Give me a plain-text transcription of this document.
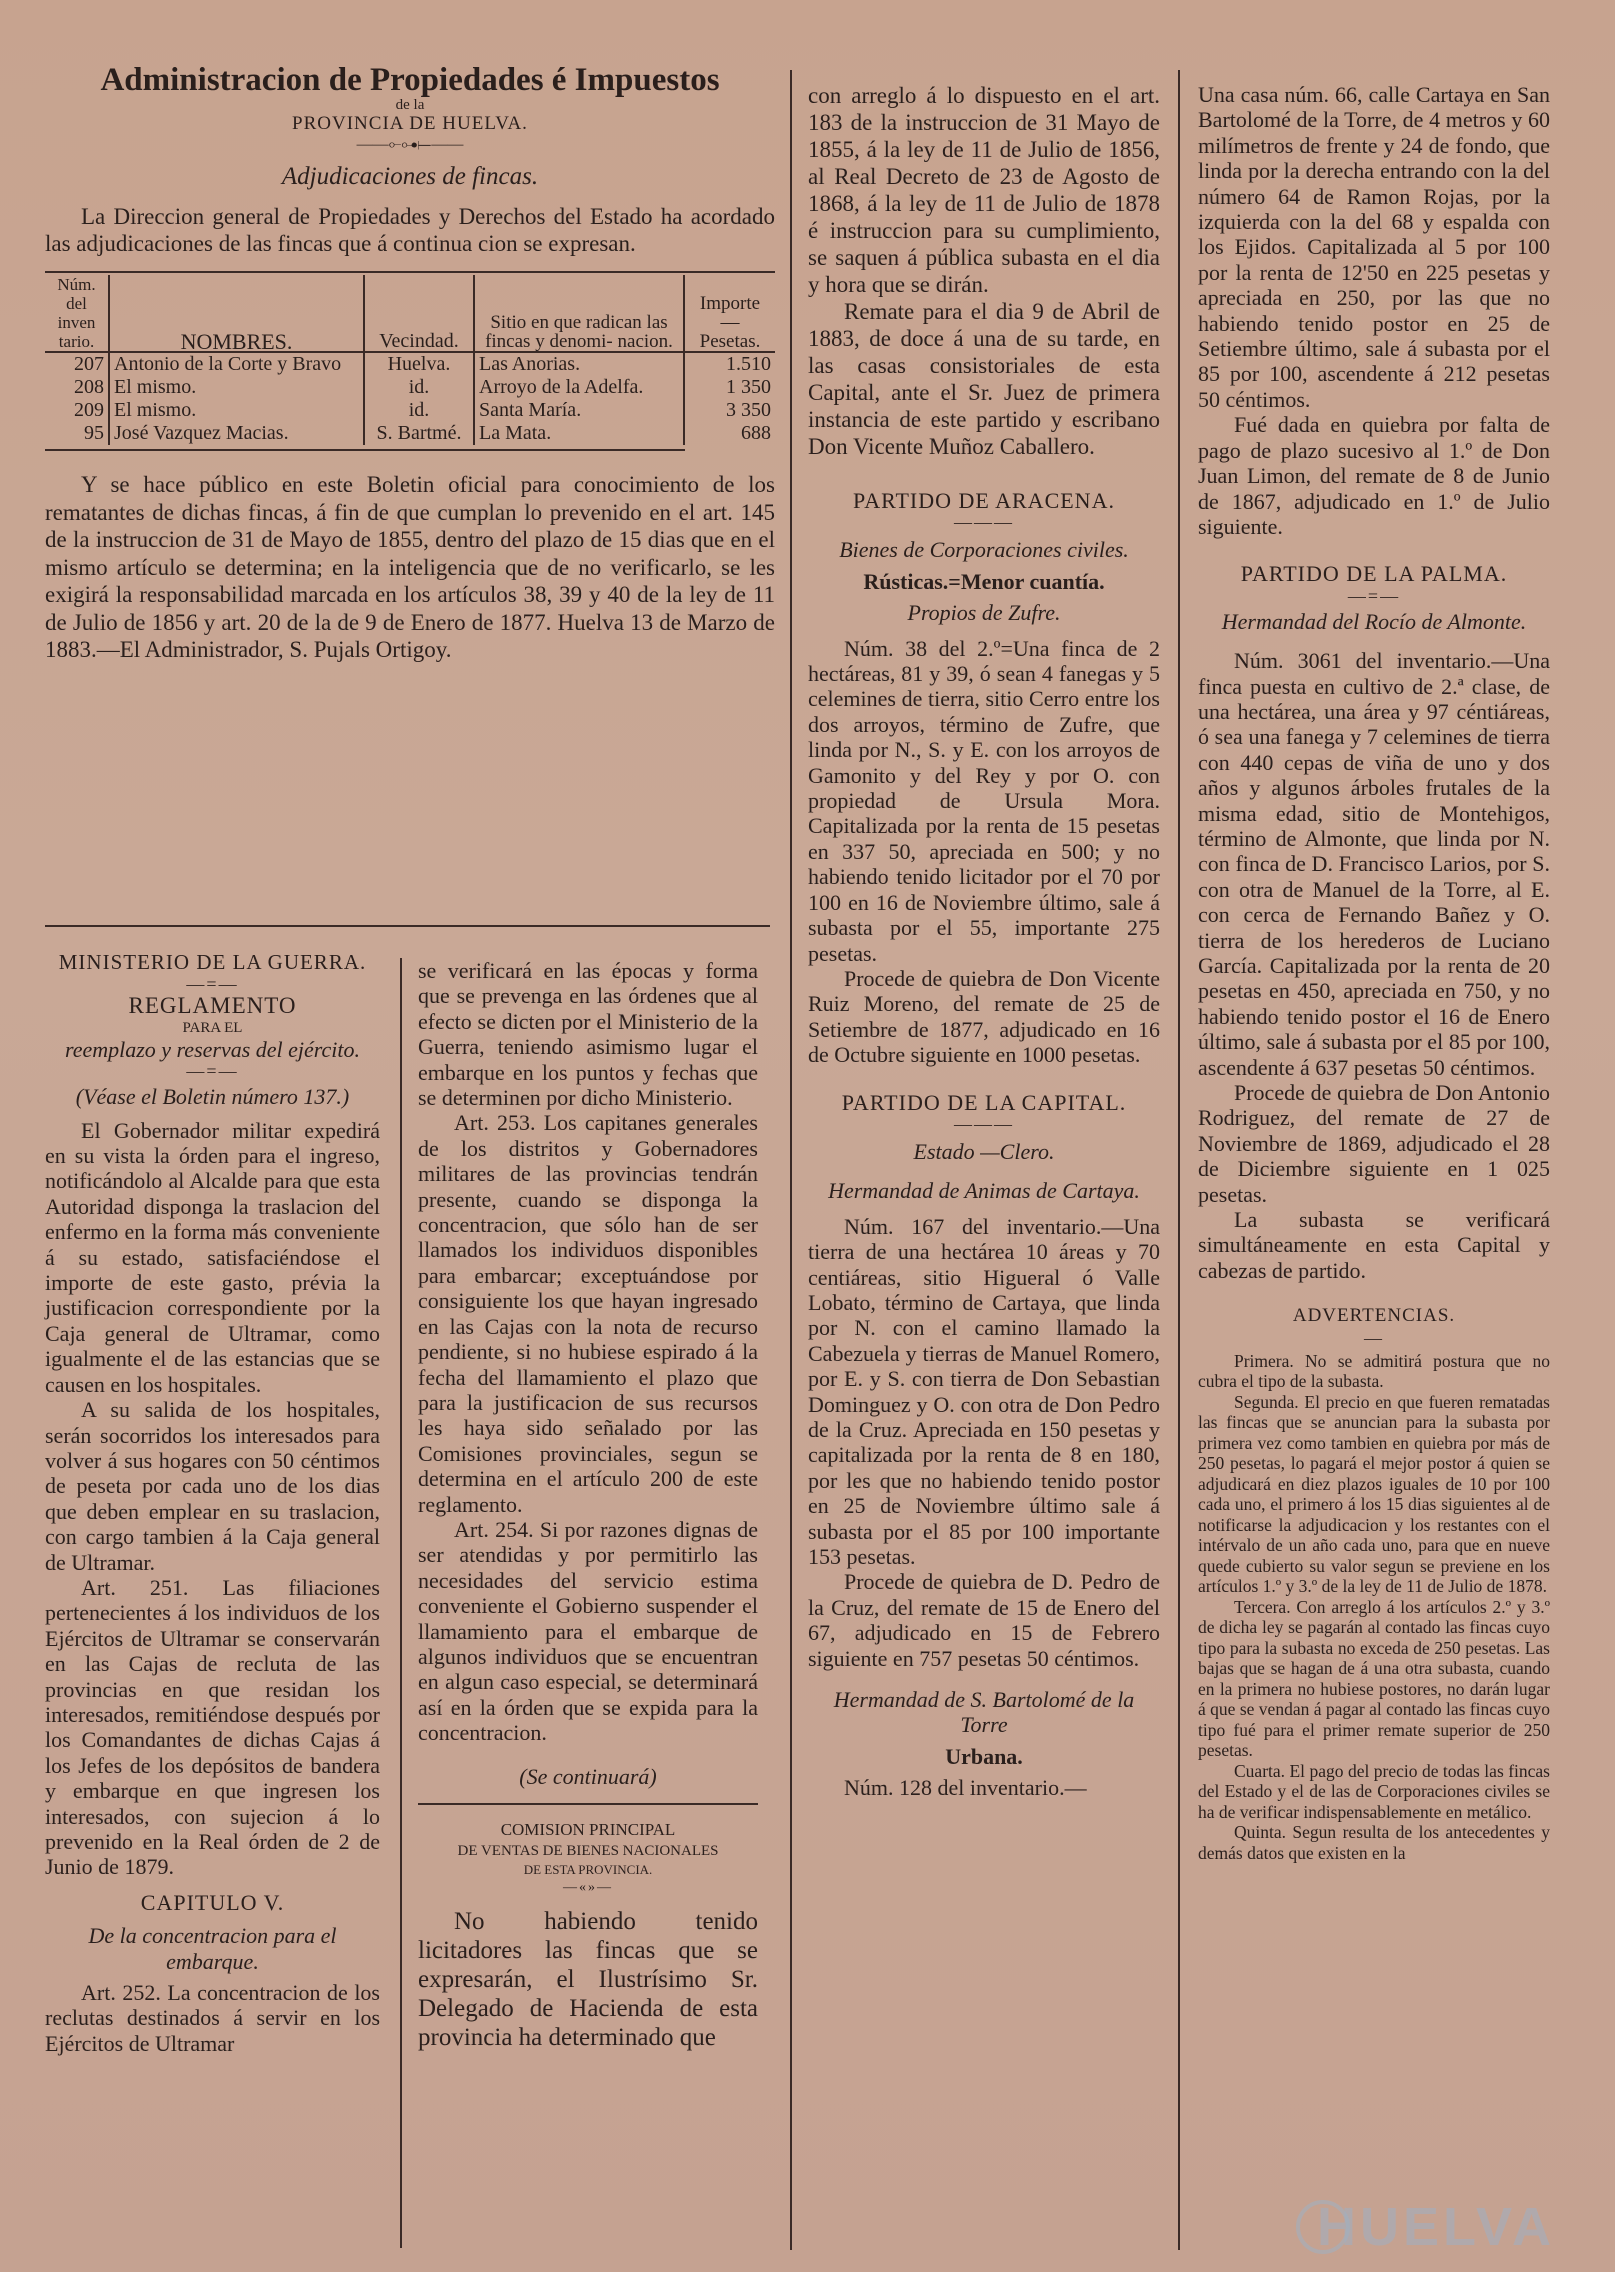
Administracion de Propiedades é Impuestos
de la
PROVINCIA DE HUELVA.
——⟜⊶⟝——
Adjudicaciones de fincas.

La Direccion general de Propiedades y Derechos del Estado ha acordado las adjudicaciones de las fincas que á continua cion se expresan.

Núm. del inven tario.	NOMBRES.	Vecindad.	Sitio en que radican las fincas y denomi- nacion.	Importe — Pesetas.
207	Antonio de la Corte y Bravo	Huelva.	Las Anorias.	1.510
208	El mismo.	id.	Arroyo de la Adelfa.	1 350
209	El mismo.	id.	Santa María.	3 350
95	José Vazquez Macias.	S. Bartmé.	La Mata.	688

Y se hace público en este Boletin oficial para conocimiento de los rematantes de dichas fincas, á fin de que cumplan lo prevenido en el art. 145 de la instruccion de 31 de Mayo de 1855, dentro del plazo de 15 dias que en el mismo artículo se determina; en la inteligencia que de no verificarlo, se les exigirá la responsabilidad marcada en los artículos 38, 39 y 40 de la ley de 11 de Julio de 1856 y art. 20 de la de 9 de Enero de 1877. Huelva 13 de Marzo de 1883.—El Administrador, S. Pujals Ortigoy.

MINISTERIO DE LA GUERRA.
—=—
REGLAMENTO
PARA EL
reemplazo y reservas del ejército.
—=—
(Véase el Boletin número 137.)

El Gobernador militar expedirá en su vista la órden para el ingreso, notificándolo al Alcalde para que esta Autoridad disponga la traslacion del enfermo en la forma más conveniente á su estado, satisfaciéndose el importe de este gasto, prévia la justificacion correspondiente por la Caja general de Ultramar, como igualmente el de las estancias que se causen en los hospitales.

A su salida de los hospitales, serán socorridos los interesados para volver á sus hogares con 50 céntimos de peseta por cada uno de los dias que deben emplear en su traslacion, con cargo tambien á la Caja general de Ultramar.

Art. 251. Las filiaciones pertenecientes á los individuos de los Ejércitos de Ultramar se conservarán en las Cajas de recluta de las provincias en que residan los interesados, remitiéndose después por los Comandantes de dichas Cajas á los Jefes de los depósitos de bandera y embarque en que ingresen los interesados, con sujecion á lo prevenido en la Real órden de 2 de Junio de 1879.

CAPITULO V.
De la concentracion para el embarque.

Art. 252. La concentracion de los reclutas destinados á servir en los Ejércitos de Ultramar

se verificará en las épocas y forma que se prevenga en las órdenes que al efecto se dicten por el Ministerio de la Guerra, teniendo asimismo lugar el embarque en los puntos y fechas que se determinen por dicho Ministerio.

Art. 253. Los capitanes generales de los distritos y Gobernadores militares de las provincias tendrán presente, cuando se disponga la concentracion, que sólo han de ser llamados los individuos disponibles para embarcar; exceptuándose por consiguiente los que hayan ingresado en las Cajas con la nota de recurso pendiente, si no hubiese espirado á la fecha del llamamiento el plazo que para la justificacion de sus recursos les haya sido señalado por las Comisiones provinciales, segun se determina en el artículo 200 de este reglamento.

Art. 254. Si por razones dignas de ser atendidas y por permitirlo las necesidades del servicio estima conveniente el Gobierno suspender el llamamiento para el embarque de algunos individuos que se encuentran en algun caso especial, se determinará así en la órden que se expida para la concentracion.

(Se continuará)
COMISION PRINCIPAL
DE VENTAS DE BIENES NACIONALES
DE ESTA PROVINCIA.
—«»—

No habiendo tenido licitadores las fincas que se expresarán, el Ilustrísimo Sr. Delegado de Hacienda de esta provincia ha determinado que

con arreglo á lo dispuesto en el art. 183 de la instruccion de 31 Mayo de 1855, á la ley de 11 de Julio de 1856, al Real Decreto de 23 de Agosto de 1868, á la ley de 11 de Julio de 1878 é instruccion para su cumplimiento, se saquen á pública subasta en el dia y hora que se dirán.

Remate para el dia 9 de Abril de 1883, de doce á una de su tarde, en las casas consistoriales de esta Capital, ante el Sr. Juez de primera instancia de este partido y escribano Don Vicente Muñoz Caballero.

PARTIDO DE ARACENA.
———
Bienes de Corporaciones civiles.
Rústicas.=Menor cuantía.
Propios de Zufre.

Núm. 38 del 2.º=Una finca de 2 hectáreas, 81 y 39, ó sean 4 fanegas y 5 celemines de tierra, sitio Cerro entre los dos arroyos, término de Zufre, que linda por N., S. y E. con los arroyos de Gamonito y del Rey y por O. con propiedad de Ursula Mora. Capitalizada por la renta de 15 pesetas en 337 50, apreciada en 500; y no habiendo tenido licitador por el 70 por 100 en 16 de Noviembre último, sale á subasta por el 55, importante 275 pesetas.

Procede de quiebra de Don Vicente Ruiz Moreno, del remate de 25 de Setiembre de 1877, adjudicado en 16 de Octubre siguiente en 1000 pesetas.

PARTIDO DE LA CAPITAL.
———
Estado —Clero.
Hermandad de Animas de Cartaya.

Núm. 167 del inventario.—Una tierra de una hectárea 10 áreas y 70 centiáreas, sitio Higueral ó Valle Lobato, término de Cartaya, que linda por N. con el camino llamado la Cabezuela y tierras de Manuel Romero, por E. y S. con tierra de Don Sebastian Dominguez y O. con otra de Don Pedro de la Cruz. Apreciada en 150 pesetas y capitalizada por la renta de 8 en 180, por les que no habiendo tenido postor en 25 de Noviembre último sale á subasta por el 85 por 100 importante 153 pesetas.

Procede de quiebra de D. Pedro de la Cruz, del remate de 15 de Enero del 67, adjudicado en 15 de Febrero siguiente en 757 pesetas 50 céntimos.

Hermandad de S. Bartolomé de la Torre
Urbana.

Núm. 128 del inventario.—

Una casa núm. 66, calle Cartaya en San Bartolomé de la Torre, de 4 metros y 60 milímetros de frente y 24 de fondo, que linda por la derecha entrando con la del número 64 de Ramon Rojas, por la izquierda con la del 68 y espalda con los Ejidos. Capitalizada al 5 por 100 por la renta de 12'50 en 225 pesetas y apreciada en 250, por las que no habiendo tenido postor en 25 de Setiembre último, sale á subasta por el 85 por 100, ascendente á 212 pesetas 50 céntimos.

Fué dada en quiebra por falta de pago de plazo sucesivo al 1.º de Don Juan Limon, del remate de 8 de Junio de 1867, adjudicado en 1.º de Julio siguiente.

PARTIDO DE LA PALMA.
—=—
Hermandad del Rocío de Almonte.

Núm. 3061 del inventario.—Una finca puesta en cultivo de 2.ª clase, de una hectárea, una área y 97 céntiáreas, ó sea una fanega y 7 celemines de tierra con 440 cepas de viña de uno y dos años y algunos árboles frutales de la misma edad, sitio de Montehigos, término de Almonte, que linda por N. con finca de D. Francisco Larios, por S. con otra de Manuel de la Torre, al E. con cerca de Fernando Bañez y O. tierra de los herederos de Luciano García. Capitalizada por la renta de 20 pesetas en 450, apreciada en 750, y no habiendo tenido postor el 16 de Enero último, sale á subasta por el 85 por 100, ascendente á 637 pesetas 50 céntimos.

Procede de quiebra de Don Antonio Rodriguez, del remate de 27 de Noviembre de 1869, adjudicado el 28 de Diciembre siguiente en 1 025 pesetas.

La subasta se verificará simultáneamente en esta Capital y cabezas de partido.

ADVERTENCIAS.
—

Primera. No se admitirá postura que no cubra el tipo de la subasta.

Segunda. El precio en que fueren rematadas las fincas que se anuncian para la subasta por primera vez como tambien en quiebra por más de 250 pesetas, lo pagará el mejor postor á quien se adjudicará en diez plazos iguales de 10 por 100 cada uno, el primero á los 15 dias siguientes al de notificarse la adjudicacion y los restantes con el intérvalo de un año cada uno, para que en nueve quede cubierto su valor segun se previene en los artículos 1.º y 3.º de la ley de 11 de Julio de 1878.

Tercera. Con arreglo á los artículos 2.º y 3.º de dicha ley se pagarán al contado las fincas cuyo tipo para la subasta no exceda de 250 pesetas. Las bajas que se hagan de á una otra subasta, cuando en la primera no hubiese postores, no darán lugar á que se vendan á pagar al contado las fincas cuyo tipo fué para el primer remate superior de 250 pesetas.

Cuarta. El pago del precio de todas las fincas del Estado y el de las de Corporaciones civiles se ha de verificar indispensablemente en metálico.

Quinta. Segun resulta de los antecedentes y demás datos que existen en la

HUELVA
